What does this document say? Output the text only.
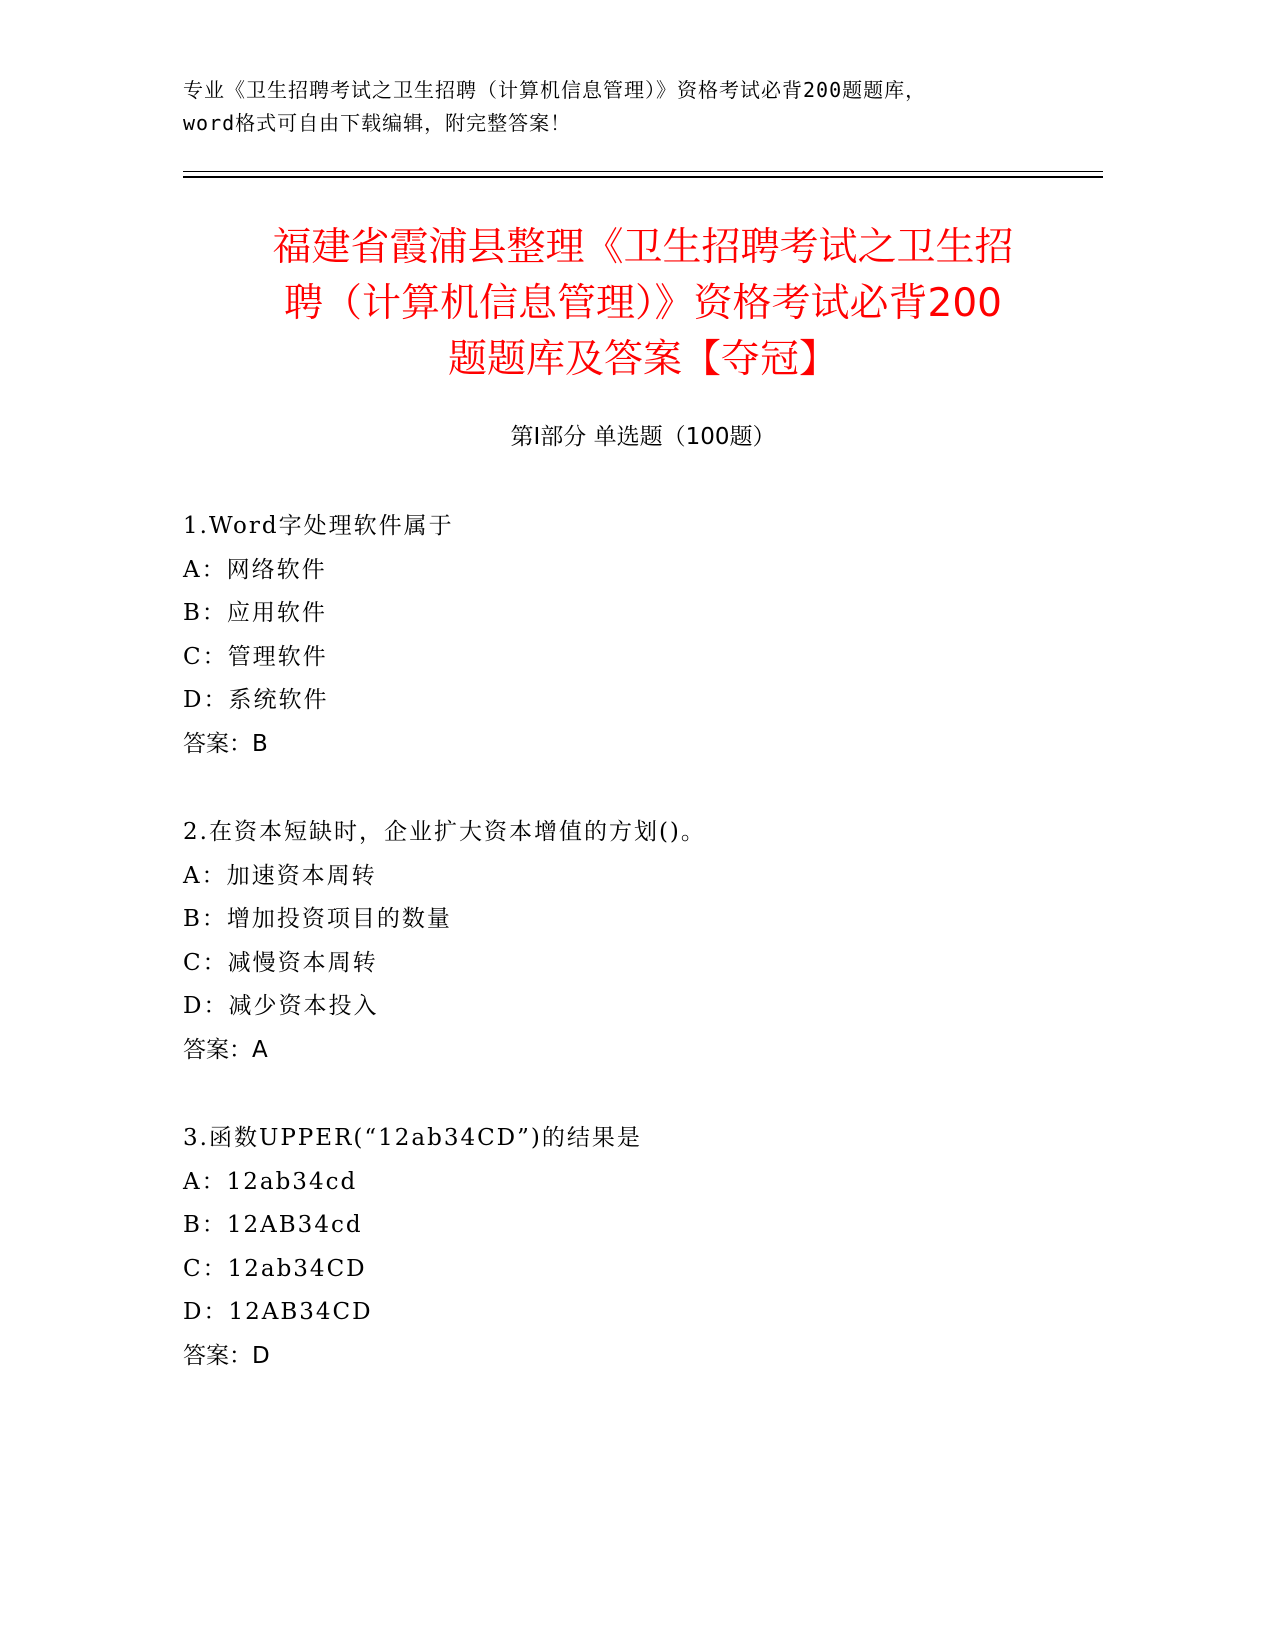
专业《卫生招聘考试之卫生招聘（计算机信息管理）》资格考试必背200题题库，
word格式可自由下载编辑，附完整答案！
福建省霞浦县整理《卫生招聘考试之卫生招
聘（计算机信息管理）》资格考试必背200
题题库及答案【夺冠】
第Ⅰ部分 单选题（100题）
1.Word字处理软件属于
A：网络软件
B：应用软件
C：管理软件
D：系统软件
答案：B
2.在资本短缺时，企业扩大资本增值的方划()。
A：加速资本周转
B：增加投资项目的数量
C：减慢资本周转
D：减少资本投入
答案：A
3.函数UPPER(“12ab34CD”)的结果是
A：12ab34cd
B：12AB34cd
C：12ab34CD
D：12AB34CD
答案：D
